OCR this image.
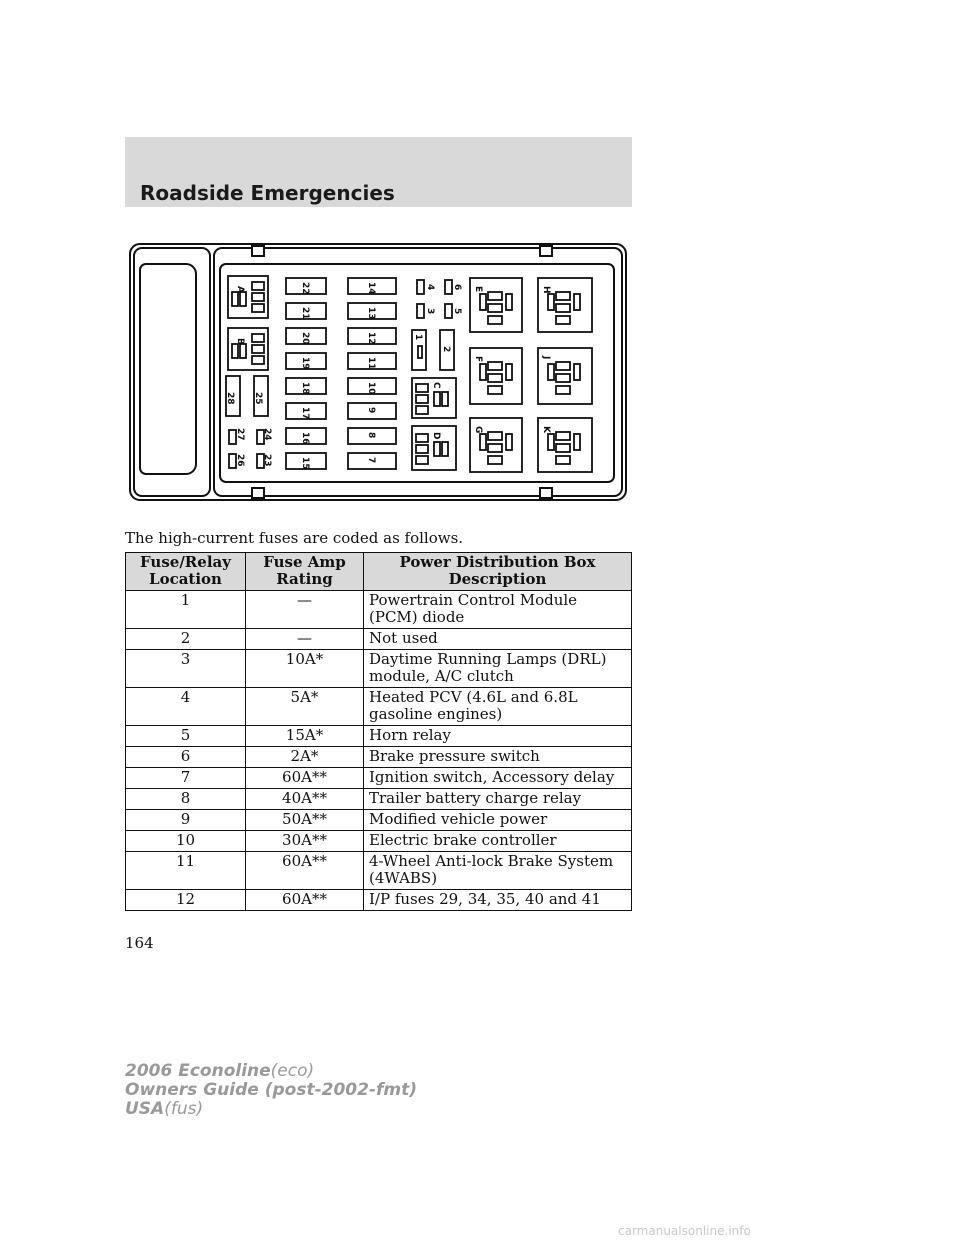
Roadside Emergencies
A
B
28 25
27 24
26 23
22
21
20
19
18
17
16
15
14
13
12
11
10
9
8
7
4 6
3 5
1
2
C
D
E	H
F	J
G	K
The high-current fuses are coded as follows.
Fuse/Relay Location	Fuse Amp Rating	Power Distribution Box Description
1	—	Powertrain Control Module (PCM) diode
2	—	Not used
3	10A*	Daytime Running Lamps (DRL) module, A/C clutch
4	5A*	Heated PCV (4.6L and 6.8L gasoline engines)
5	15A*	Horn relay
6	2A*	Brake pressure switch
7	60A**	Ignition switch, Accessory delay
8	40A**	Trailer battery charge relay
9	50A**	Modified vehicle power
10	30A**	Electric brake controller
11	60A**	4-Wheel Anti-lock Brake System (4WABS)
12	60A**	I/P fuses 29, 34, 35, 40 and 41
164
2006 Econoline(eco)
Owners Guide (post-2002-fmt)
USA(fus)
carmanualsonline.info
